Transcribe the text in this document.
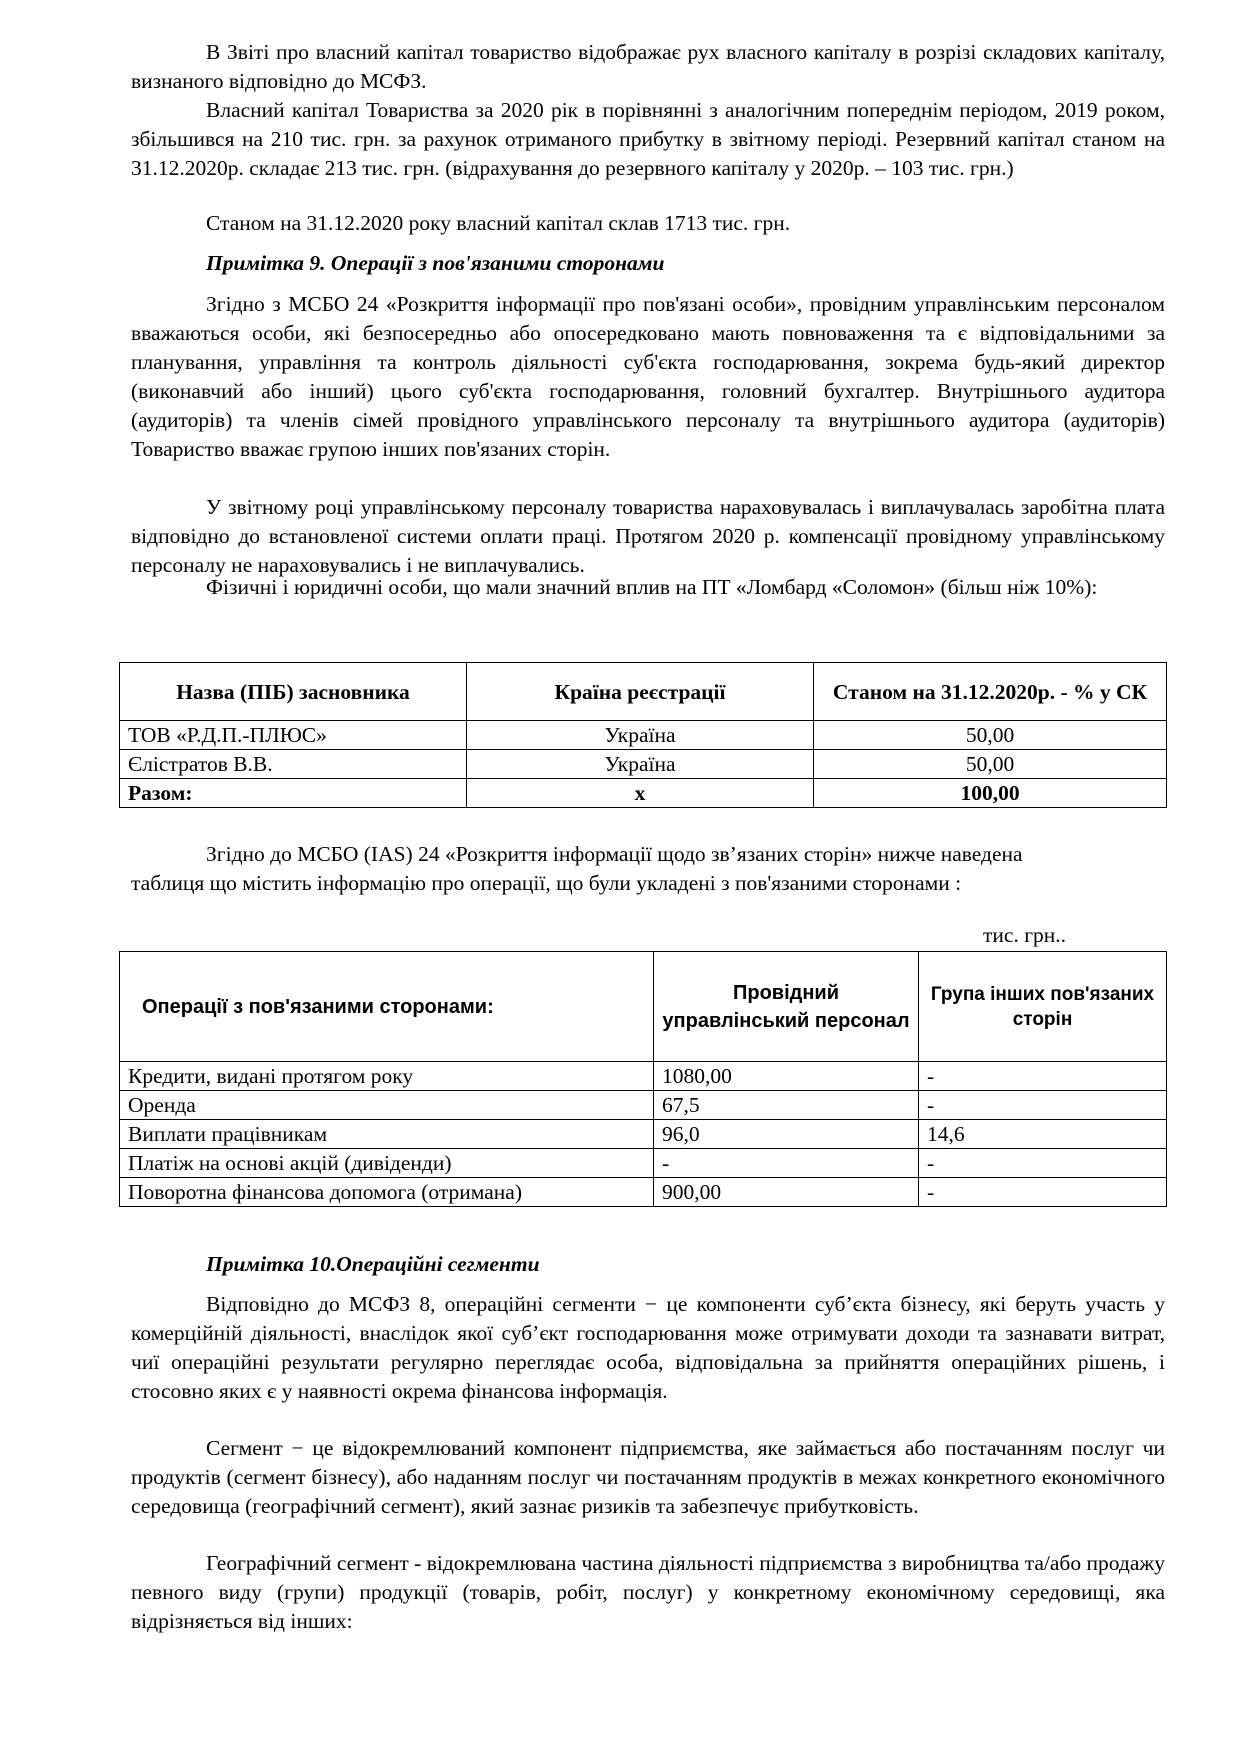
В Звіті про власний капітал товариство відображає рух власного капіталу в розрізі складових капіталу, визнаного відповідно до МСФЗ.

Власний капітал Товариства за 2020 рік в порівнянні з аналогічним попереднім періодом, 2019 роком, збільшився на 210 тис. грн. за рахунок отриманого прибутку в звітному періоді. Резервний капітал станом на 31.12.2020р. складає 213 тис. грн. (відрахування до резервного капіталу у 2020р. – 103 тис. грн.)

Станом на 31.12.2020 року власний капітал склав 1713 тис. грн.

Примітка 9. Операції з пов'язаними сторонами

Згідно з МСБО 24 «Розкриття інформації про пов'язані особи», провідним управлінським персоналом вважаються особи, які безпосередньо або опосередковано мають повноваження та є відповідальними за планування, управління та контроль діяльності суб'єкта господарювання, зокрема будь-який директор (виконавчий або інший) цього суб'єкта господарювання, головний бухгалтер. Внутрішнього аудитора (аудиторів) та членів сімей провідного управлінського персоналу та внутрішнього аудитора (аудиторів) Товариство вважає групою інших пов'язаних сторін.

У звітному році управлінському персоналу товариства нараховувалась і виплачувалась заробітна плата відповідно до встановленої системи оплати праці. Протягом 2020 р. компенсації провідному управлінському персоналу не нараховувались і не виплачувались.

Фізичні і юридичні особи, що мали значний вплив на ПТ «Ломбард «Соломон» (більш ніж 10%):

Назва (ПІБ) засновника	Країна реєстрації	Станом на 31.12.2020р. - % у СК
ТОВ «Р.Д.П.-ПЛЮС»	Україна	50,00
Єлістратов В.В.	Україна	50,00
Разом:	х	100,00

Згідно до МСБО (IAS) 24 «Розкриття інформації щодо зв’язаних сторін» нижче наведена таблиця що містить інформацію про операції, що були укладені з пов'язаними сторонами :

тис. грн..
Операції з пов'язаними сторонами:	Провідний управлінський персонал	Група інших пов'язаних сторін
Кредити, видані протягом року	1080,00	-
Оренда	67,5	-
Виплати працівникам	96,0	14,6
Платіж на основі акцій (дивіденди)	-	-
Поворотна фінансова допомога (отримана)	900,00	-

Примітка 10.Операційні сегменти

Відповідно до МСФЗ 8, операційні сегменти − це компоненти суб’єкта бізнесу, які беруть участь у комерційній діяльності, внаслідок якої суб’єкт господарювання може отримувати доходи та зазнавати витрат, чиї операційні результати регулярно переглядає особа, відповідальна за прийняття операційних рішень, і стосовно яких є у наявності окрема фінансова інформація.

Сегмент − це відокремлюваний компонент підприємства, яке займається або постачанням послуг чи продуктів (сегмент бізнесу), або наданням послуг чи постачанням продуктів в межах конкретного економічного середовища (географічний сегмент), який зазнає ризиків та забезпечує прибутковість.

Географічний сегмент - відокремлювана частина діяльності підприємства з виробництва та/або продажу певного виду (групи) продукції (товарів, робіт, послуг) у конкретному економічному середовищі, яка відрізняється від інших:
